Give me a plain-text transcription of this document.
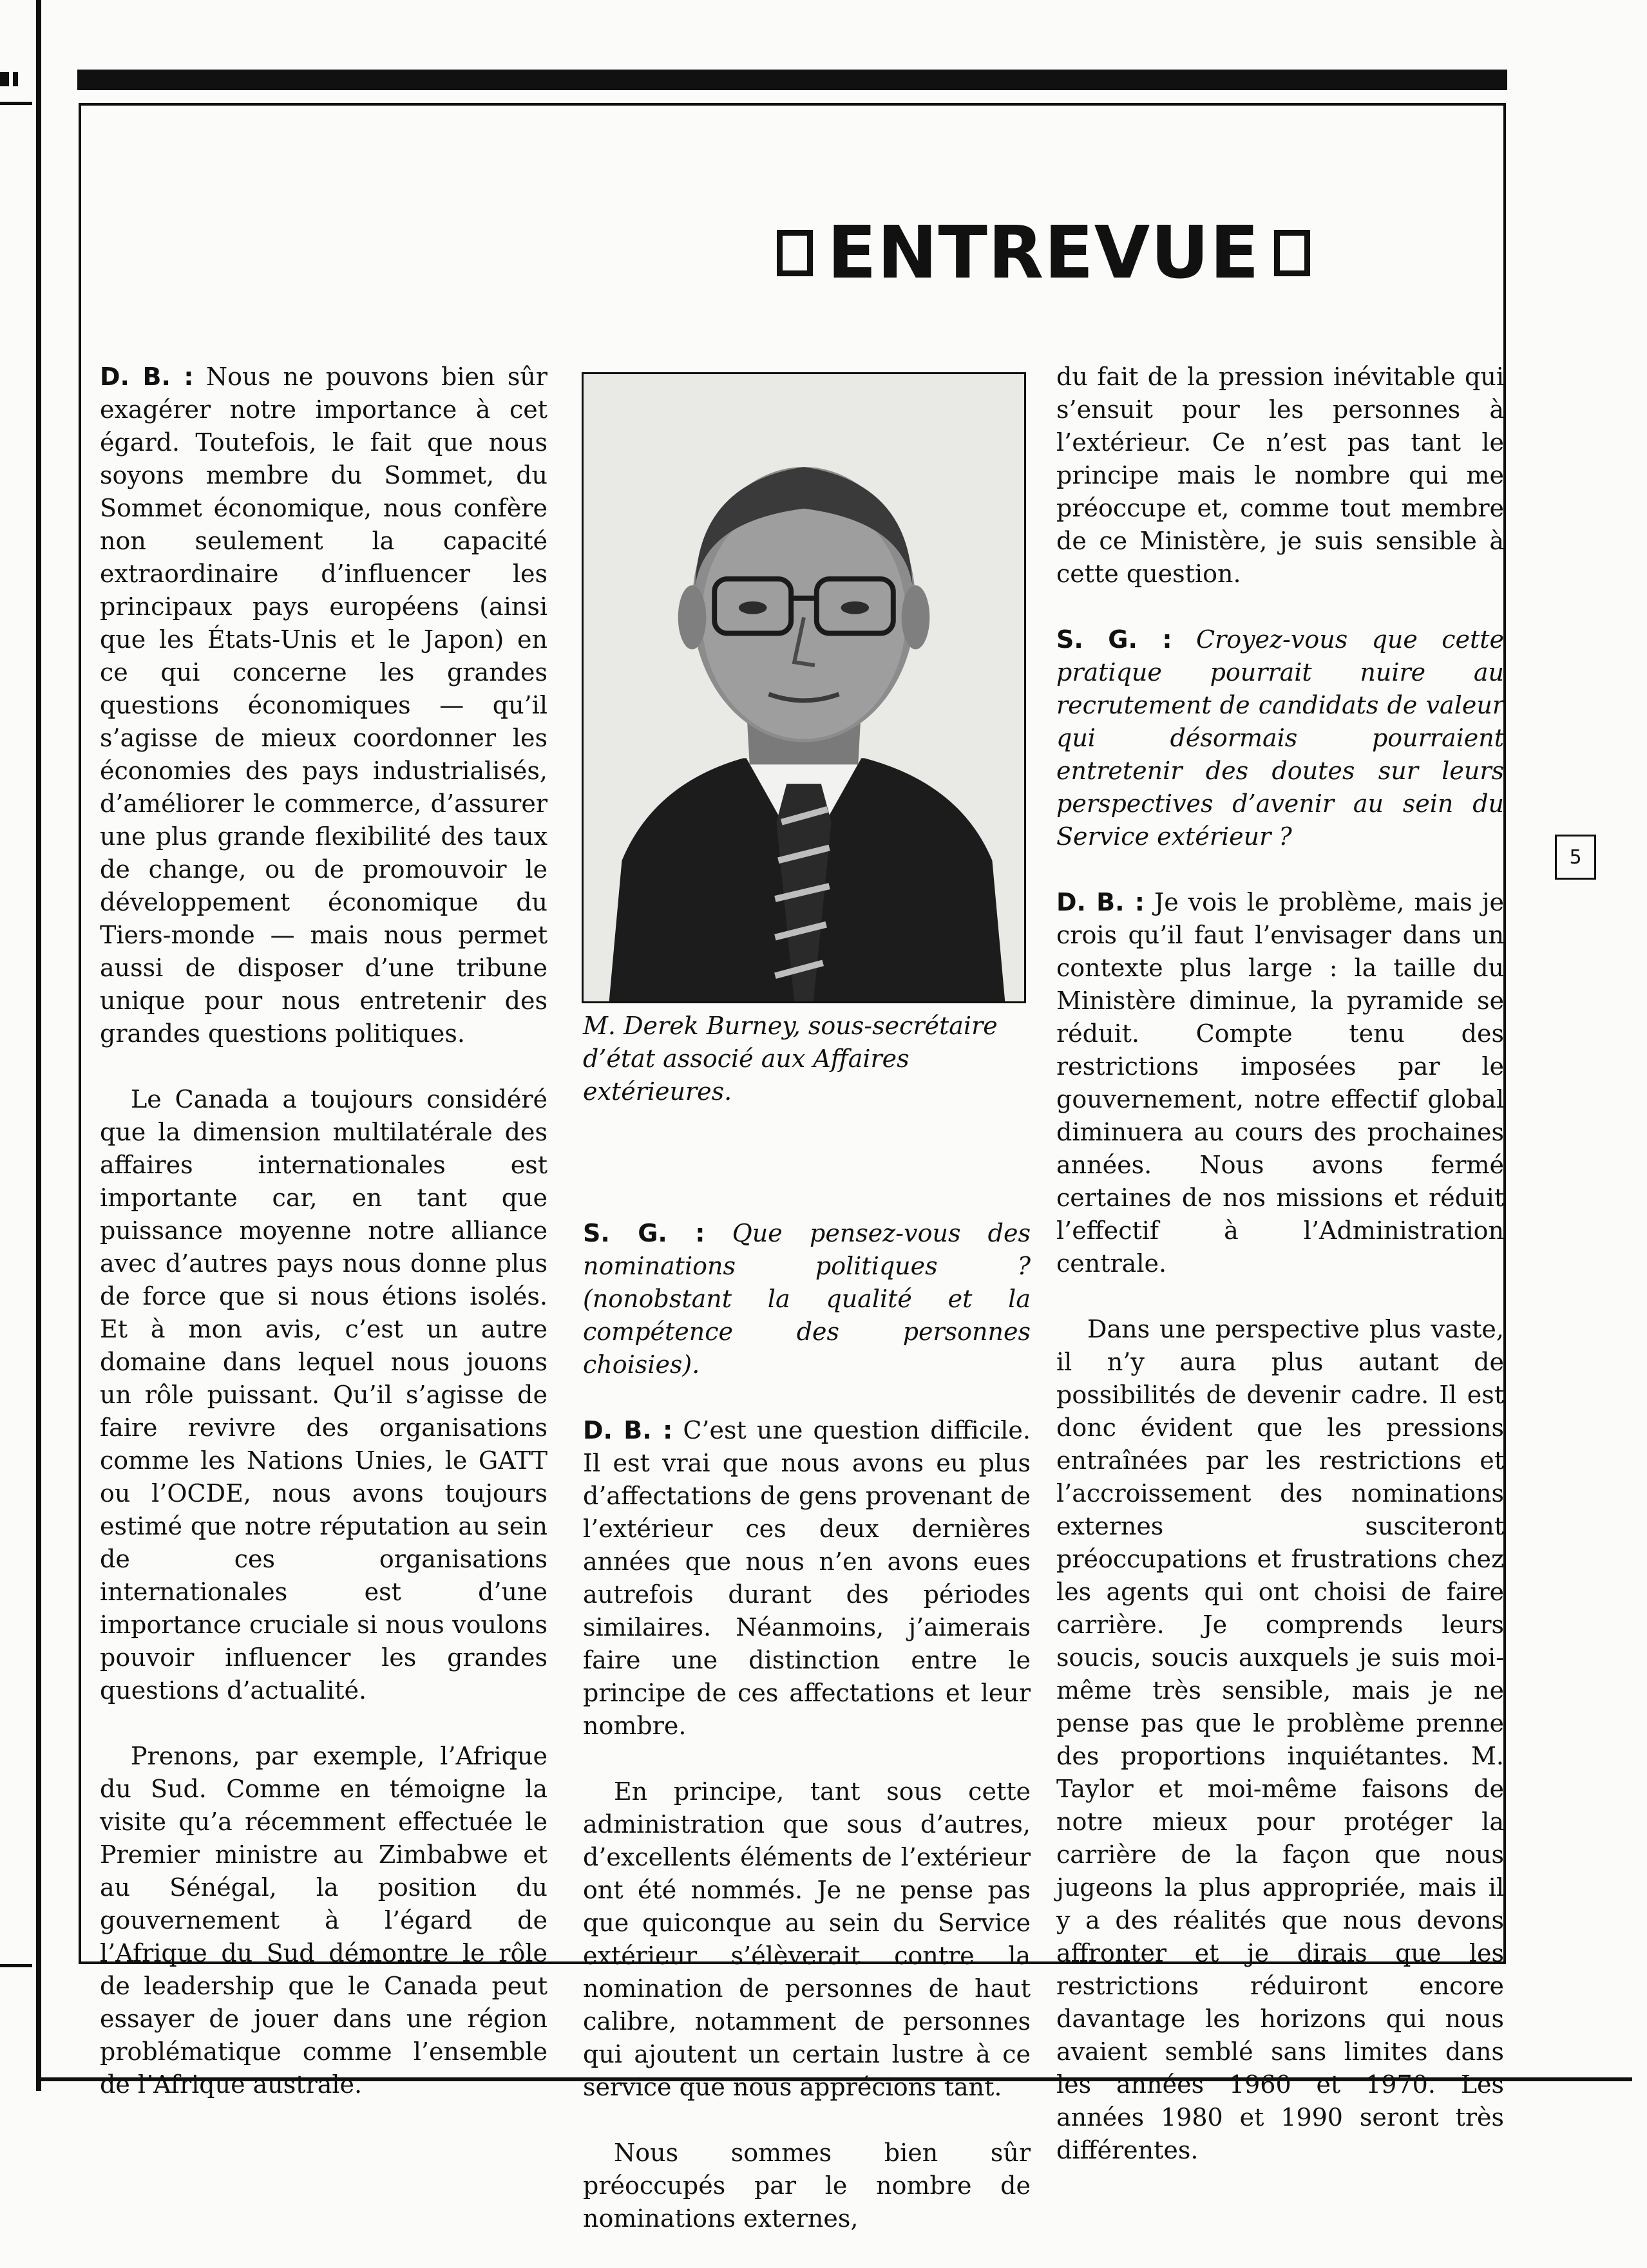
ENTREVUE

D. B. : Nous ne pouvons bien sûr exagérer notre importance à cet égard. Toutefois, le fait que nous soyons membre du Sommet, du Sommet économique, nous confère non seulement la capacité extraordinaire d’influencer les principaux pays européens (ainsi que les États-Unis et le Japon) en ce qui concerne les grandes questions économiques — qu’il s’agisse de mieux coordonner les économies des pays industrialisés, d’améliorer le commerce, d’assurer une plus grande flexibilité des taux de change, ou de promouvoir le développement économique du Tiers-monde — mais nous permet aussi de disposer d’une tribune unique pour nous entretenir des grandes questions politiques.

Le Canada a toujours considéré que la dimension multilatérale des affaires internationales est importante car, en tant que puissance moyenne notre alliance avec d’autres pays nous donne plus de force que si nous étions isolés. Et à mon avis, c’est un autre domaine dans lequel nous jouons un rôle puissant. Qu’il s’agisse de faire revivre des organisations comme les Nations Unies, le GATT ou l’OCDE, nous avons toujours estimé que notre réputation au sein de ces organisations internationales est d’une importance cruciale si nous voulons pouvoir influencer les grandes questions d’actualité.

Prenons, par exemple, l’Afrique du Sud. Comme en témoigne la visite qu’a récemment effectuée le Premier ministre au Zimbabwe et au Sénégal, la position du gouvernement à l’égard de l’Afrique du Sud démontre le rôle de leadership que le Canada peut essayer de jouer dans une région problématique comme l’ensemble de l’Afrique australe.

M. Derek Burney, sous-secrétaire d’état associé aux Affaires extérieures.

S. G. : Que pensez-vous des nominations politiques ? (nonobstant la qualité et la compétence des personnes choisies).

D. B. : C’est une question difficile. Il est vrai que nous avons eu plus d’affectations de gens provenant de l’extérieur ces deux dernières années que nous n’en avons eues autrefois durant des périodes similaires. Néanmoins, j’aimerais faire une distinction entre le principe de ces affectations et leur nombre.

En principe, tant sous cette administration que sous d’autres, d’excellents éléments de l’extérieur ont été nommés. Je ne pense pas que quiconque au sein du Service extérieur s’élèverait contre la nomination de personnes de haut calibre, notamment de personnes qui ajoutent un certain lustre à ce service que nous apprécions tant.

Nous sommes bien sûr préoccupés par le nombre de nominations externes,

du fait de la pression inévitable qui s’ensuit pour les personnes à l’extérieur. Ce n’est pas tant le principe mais le nombre qui me préoccupe et, comme tout membre de ce Ministère, je suis sensible à cette question.

S. G. : Croyez-vous que cette pratique pourrait nuire au recrutement de candidats de valeur qui désormais pourraient entretenir des doutes sur leurs perspectives d’avenir au sein du Service extérieur ?

D. B. : Je vois le problème, mais je crois qu’il faut l’envisager dans un contexte plus large : la taille du Ministère diminue, la pyramide se réduit. Compte tenu des restrictions imposées par le gouvernement, notre effectif global diminuera au cours des prochaines années. Nous avons fermé certaines de nos missions et réduit l’effectif à l’Administration centrale.

Dans une perspective plus vaste, il n’y aura plus autant de possibilités de devenir cadre. Il est donc évident que les pressions entraînées par les restrictions et l’accroissement des nominations externes susciteront préoccupations et frustrations chez les agents qui ont choisi de faire carrière. Je comprends leurs soucis, soucis auxquels je suis moi-même très sensible, mais je ne pense pas que le problème prenne des proportions inquiétantes. M. Taylor et moi-même faisons de notre mieux pour protéger la carrière de la façon que nous jugeons la plus appropriée, mais il y a des réalités que nous devons affronter et je dirais que les restrictions réduiront encore davantage les horizons qui nous avaient semblé sans limites dans les années 1960 et 1970. Les années 1980 et 1990 seront très différentes.

5
